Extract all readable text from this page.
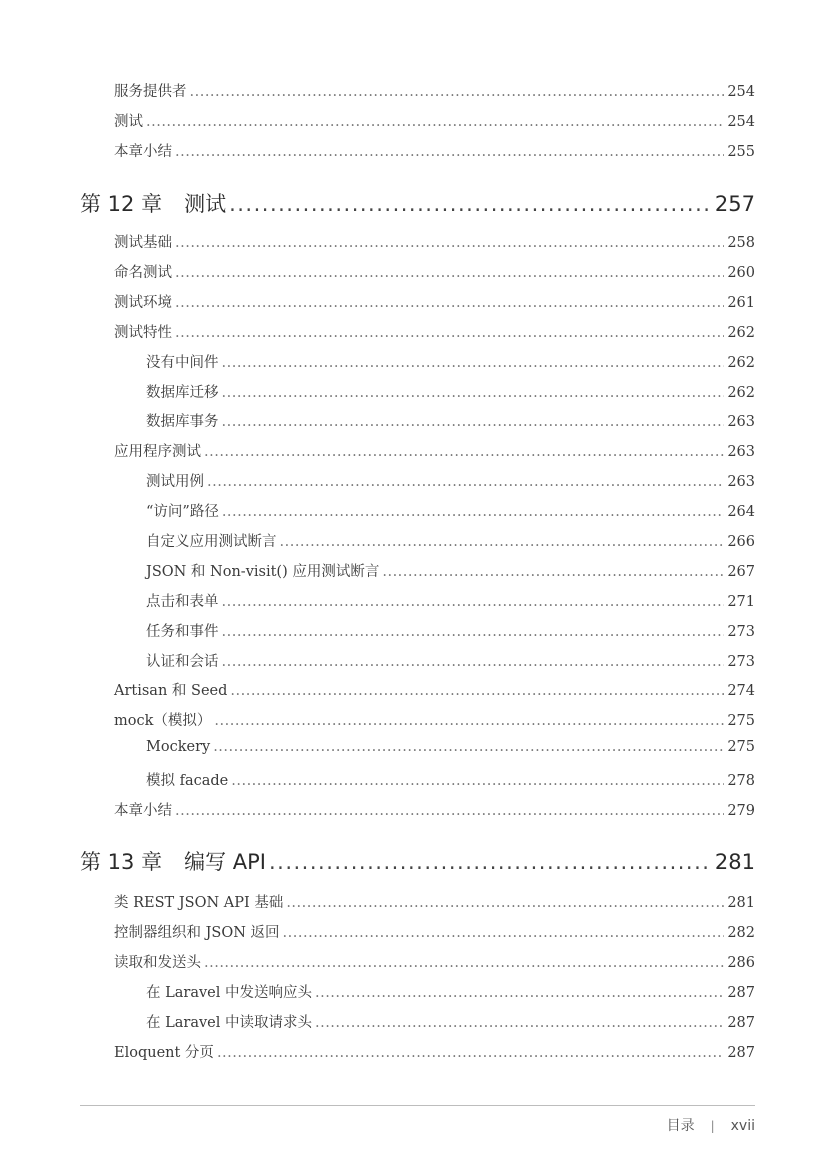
服务提供者 .....	254
测试 .....	254
本章小结 .....	255
第 12 章 测试 .....	257
测试基础 .....	258
命名测试 .....	260
测试环境 .....	261
测试特性 .....	262
没有中间件 .....	262
数据库迁移 .....	262
数据库事务 .....	263
应用程序测试 .....	263
测试用例 .....	263
“访问”路径 .....	264
自定义应用测试断言 .....	266
JSON 和 Non-visit() 应用测试断言 .....	267
点击和表单 .....	271
任务和事件 .....	273
认证和会话 .....	273
Artisan 和 Seed .....	274
mock（模拟） .....	275
Mockery .....	275
模拟 facade .....	278
本章小结 .....	279
第 13 章 编写 API .....	281
类 REST JSON API 基础 .....	281
控制器组织和 JSON 返回 .....	282
读取和发送头 .....	286
在 Laravel 中发送响应头 .....	287
在 Laravel 中读取请求头 .....	287
Eloquent 分页 .....	287
目录 | xvii
